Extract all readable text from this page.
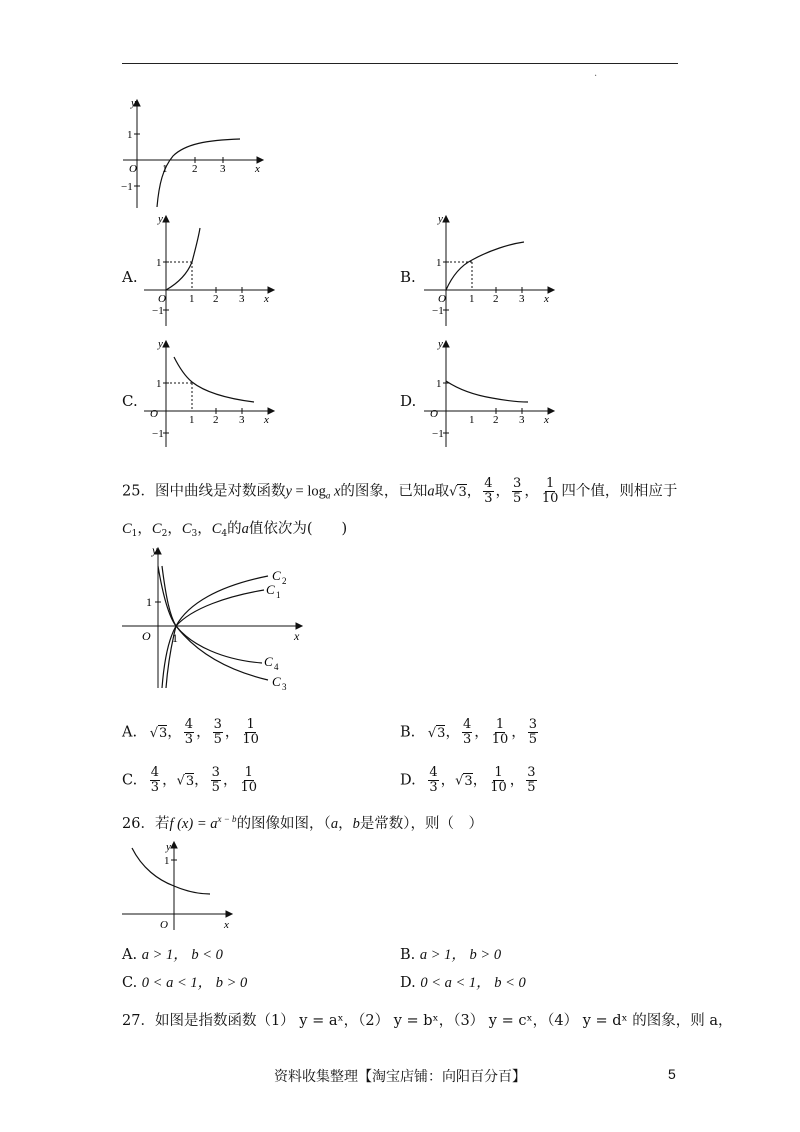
.
y
1
−1
O 1 2 3	x
A.
y
1
−1
O 1 2 3 x
B.
y
1
−1
O 1 2 3 x
C.
y
1
−1
O	1 2 3 x
D.
y
1
−1
O	1 2 3 x
25．图中曲线是对数函数$y = \log_a x$的图象，已知a取√3， $\frac{4}{3}$ ， $\frac{3}{5}$ ， $\frac{1}{10}$ 四个值，则相应于
$C_1$，$C_2$，$C_3$，$C_4$的a值依次为(　　)
y
1
O 1	x
C 2
C 1
C 4
C 3
A. √3， $\frac{4}{3}$ ， $\frac{3}{5}$ ， $\frac{1}{10}$	B. √3， $\frac{4}{3}$ ， $\frac{1}{10}$ ， $\frac{3}{5}$
C. $\frac{4}{3}$ ，√3， $\frac{3}{5}$ ， $\frac{1}{10}$	D. $\frac{4}{3}$ ，√3， $\frac{1}{10}$ ， $\frac{3}{5}$
26．若f $(x) = a^{x - b}$的图像如图，（a，b是常数），则（　）
y
1
O	x
A. a > 1， b < 0	B. a > 1， b > 0
C. 0 < a < 1， b > 0	D. 0 < a < 1， b < 0
27．如图是指数函数（1） y = aˣ，（2） y = bˣ，（3） y = cˣ，（4） y = dˣ 的图象，则 a，
资料收集整理【淘宝店铺：向阳百分百】	5
